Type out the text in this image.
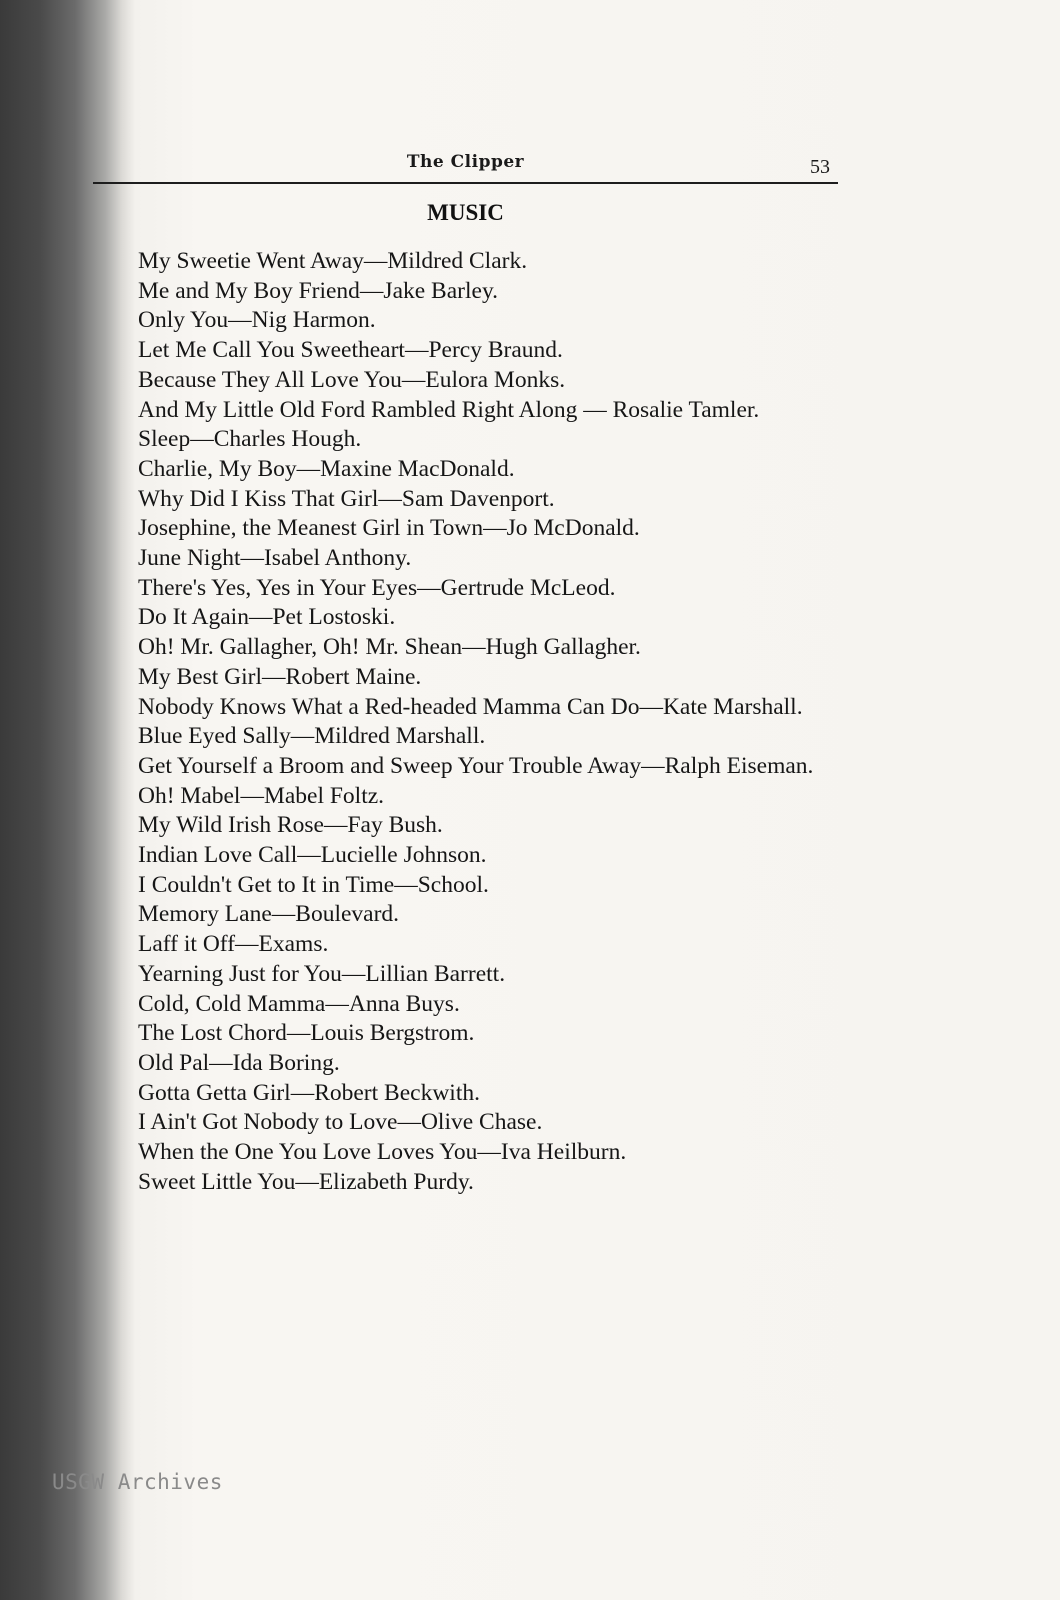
The Clipper	53
MUSIC
My Sweetie Went Away—Mildred Clark.
Me and My Boy Friend—Jake Barley.
Only You—Nig Harmon.
Let Me Call You Sweetheart—Percy Braund.
Because They All Love You—Eulora Monks.
And My Little Old Ford Rambled Right Along — Rosalie Tamler.
Sleep—Charles Hough.
Charlie, My Boy—Maxine MacDonald.
Why Did I Kiss That Girl—Sam Davenport.
Josephine, the Meanest Girl in Town—Jo McDonald.
June Night—Isabel Anthony.
There's Yes, Yes in Your Eyes—Gertrude McLeod.
Do It Again—Pet Lostoski.
Oh! Mr. Gallagher, Oh! Mr. Shean—Hugh Gallagher.
My Best Girl—Robert Maine.
Nobody Knows What a Red-headed Mamma Can Do—​Kate Marshall.
Blue Eyed Sally—Mildred Marshall.
Get Yourself a Broom and Sweep Your Trouble Away—​Ralph Eiseman.
Oh! Mabel—Mabel Foltz.
My Wild Irish Rose—Fay Bush.
Indian Love Call—Lucielle Johnson.
I Couldn't Get to It in Time—School.
Memory Lane—Boulevard.
Laff it Off—Exams.
Yearning Just for You—Lillian Barrett.
Cold, Cold Mamma—Anna Buys.
The Lost Chord—Louis Bergstrom.
Old Pal—Ida Boring.
Gotta Getta Girl—Robert Beckwith.
I Ain't Got Nobody to Love—Olive Chase.
When the One You Love Loves You—Iva Heilburn.
Sweet Little You—Elizabeth Purdy.
USGW Archives
